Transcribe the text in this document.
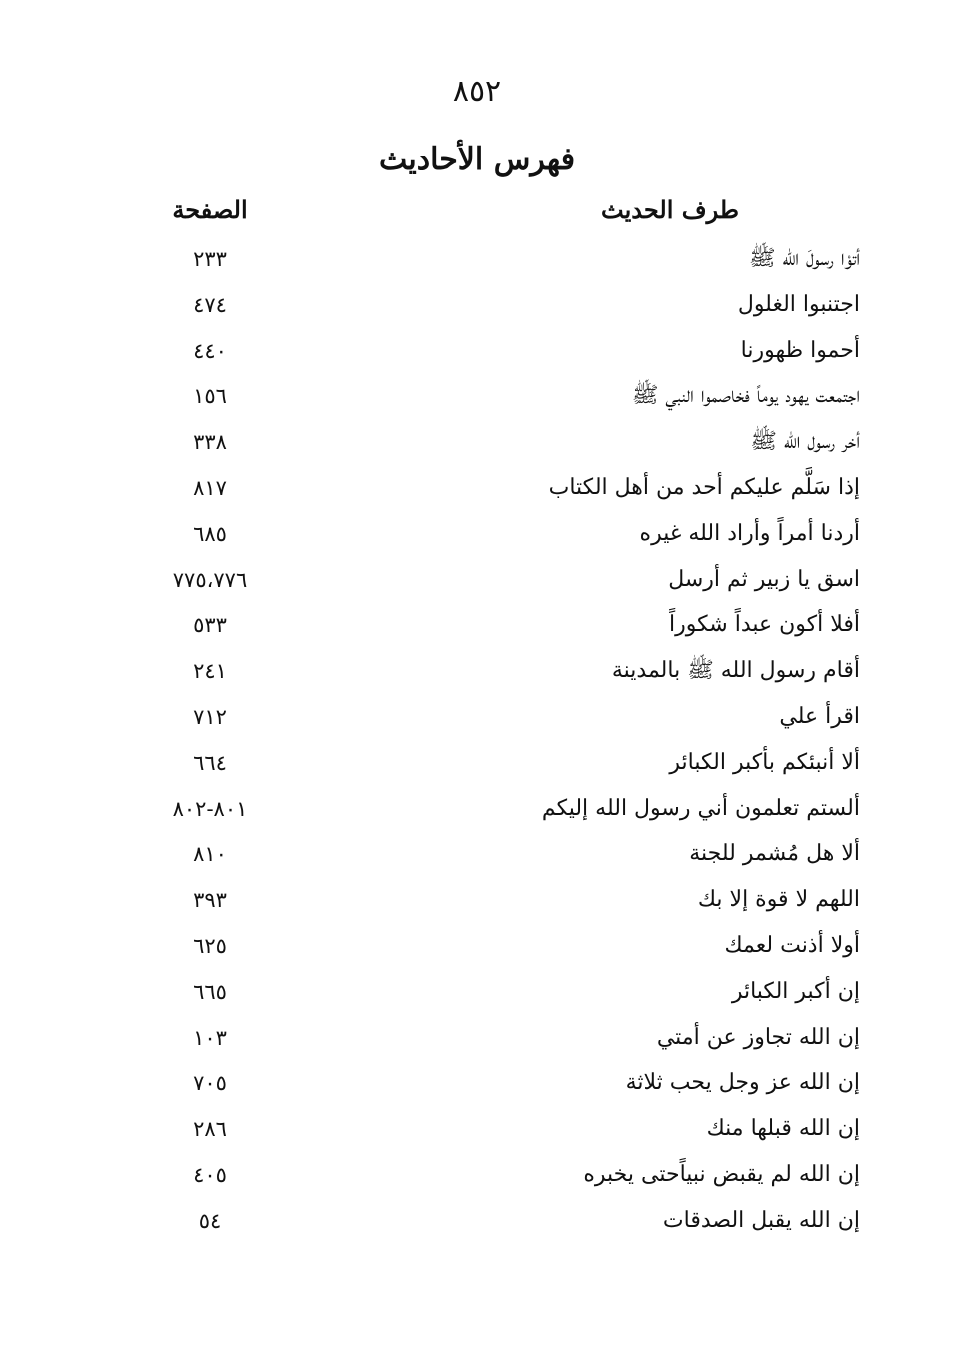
٨٥٢
فهرس الأحاديث
طرف الحديث
الصفحة
أتوْا رسولَ الله ﷺ
٢٣٣
اجتنبوا الغلول
٤٧٤
أحموا ظهورنا
٤٤٠
اجتمعت يهود يوماً فخاصموا النبي ﷺ
١٥٦
أخر رسول الله ﷺ
٣٣٨
إذا سَلَّم عليكم أحد من أهل الكتاب
٨١٧
أردنا أمراً وأراد الله غيره
٦٨٥
اسق يا زبير ثم أرسل
٧٧٥،٧٧٦
أفلا أكون عبداً شكوراً
٥٣٣
أقام رسول الله ﷺ بالمدينة
٢٤١
اقرأ علي
٧١٢
ألا أنبئكم بأكبر الكبائر
٦٦٤
ألستم تعلمون أني رسول الله إليكم
٨٠١-٨٠٢
ألا هل مُشمر للجنة
٨١٠
اللهم لا قوة إلا بك
٣٩٣
أولا أذنت لعمك
٦٢٥
إن أكبر الكبائر
٦٦٥
إن الله تجاوز عن أمتي
١٠٣
إن الله عز وجل يحب ثلاثة
٧٠٥
إن الله قبلها منك
٢٨٦
إن الله لم يقبض نبياًحتى يخبره
٤٠٥
إن الله يقبل الصدقات
٥٤
